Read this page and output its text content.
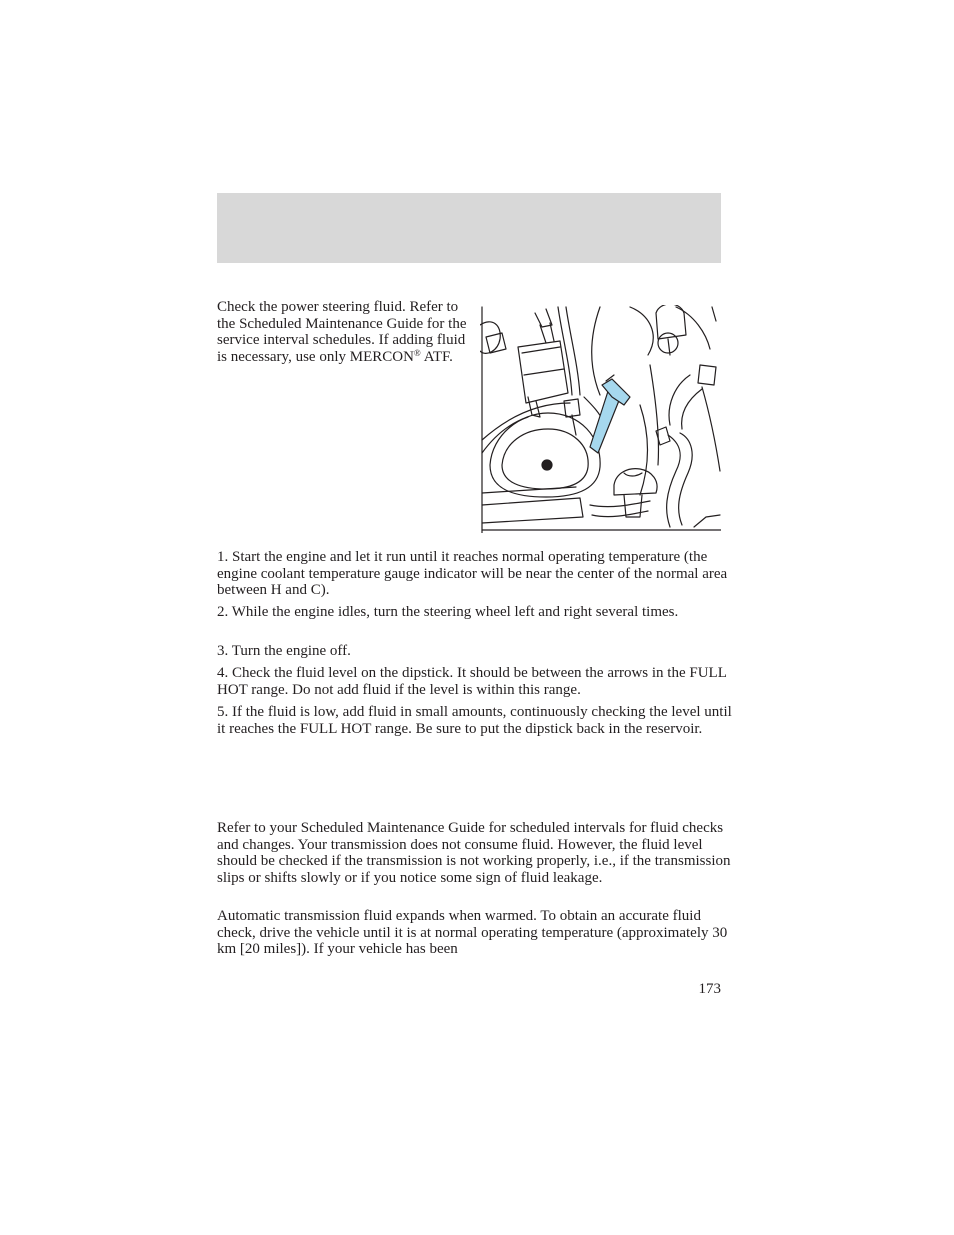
Check the power steering fluid. Refer to the Scheduled Maintenance Guide for the service interval schedules. If adding fluid is necessary, use only MERCON® ATF.

1. Start the engine and let it run until it reaches normal operating temperature (the engine coolant temperature gauge indicator will be near the center of the normal area between H and C).

2. While the engine idles, turn the steering wheel left and right several times.

3. Turn the engine off.

4. Check the fluid level on the dipstick. It should be between the arrows in the FULL HOT range. Do not add fluid if the level is within this range.

5. If the fluid is low, add fluid in small amounts, continuously checking the level until it reaches the FULL HOT range. Be sure to put the dipstick back in the reservoir.

Refer to your Scheduled Maintenance Guide for scheduled intervals for fluid checks and changes. Your transmission does not consume fluid. However, the fluid level should be checked if the transmission is not working properly, i.e., if the transmission slips or shifts slowly or if you notice some sign of fluid leakage.

Automatic transmission fluid expands when warmed. To obtain an accurate fluid check, drive the vehicle until it is at normal operating temperature (approximately 30 km [20 miles]). If your vehicle has been

173
